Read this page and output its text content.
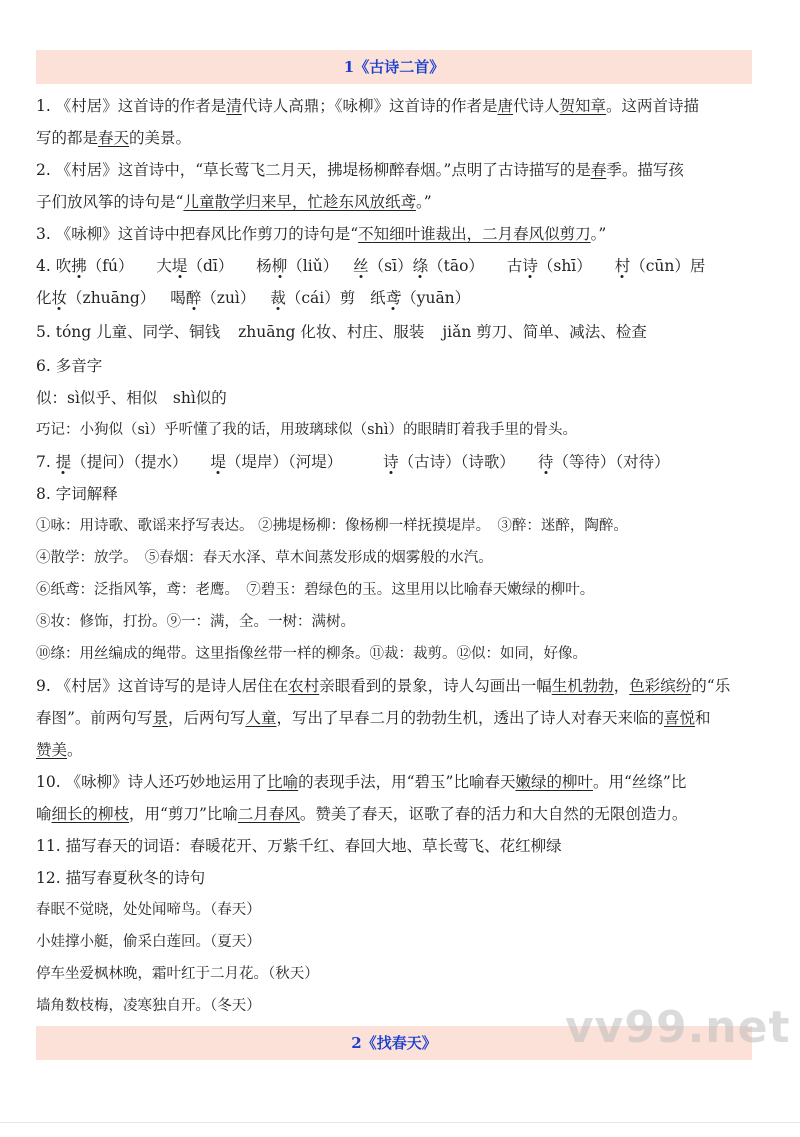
1《古诗二首》
1. 《村居》这首诗的作者是清代诗人高鼎；《咏柳》这首诗的作者是唐代诗人贺知章。这两首诗描
写的都是春天的美景。
2. 《村居》这首诗中，“草长莺飞二月天，拂堤杨柳醉春烟。”点明了古诗描写的是春季。描写孩
子们放风筝的诗句是“儿童散学归来早，忙趁东风放纸鸢。”
3. 《咏柳》这首诗中把春风比作剪刀的诗句是“不知细叶谁裁出，二月春风似剪刀。”
4. 吹拂（fú） 大堤（dī） 杨柳（liǔ） 丝（sī）绦（tāo） 古诗（shī） 村（cūn）居
化妆（zhuāng） 喝醉（zuì） 裁（cái）剪 纸鸢（yuān）
5. tóng 儿童、同学、铜钱 zhuāng 化妆、村庄、服装 jiǎn 剪刀、简单、减法、检查
6. 多音字
似：sì似乎、相似　shì似的
巧记：小狗似（sì）乎听懂了我的话，用玻璃球似（shì）的眼睛盯着我手里的骨头。
7. 提（提问）（提水） 堤（堤岸）（河堤）	诗（古诗）（诗歌） 待（等待）（对待）
8. 字词解释
①咏：用诗歌、歌谣来抒写表达。 ②拂堤杨柳：像杨柳一样抚摸堤岸。　③醉：迷醉，陶醉。
④散学：放学。　⑤春烟：春天水泽、草木间蒸发形成的烟雾般的水汽。
⑥纸鸢：泛指风筝，鸢：老鹰。　⑦碧玉：碧绿色的玉。这里用以比喻春天嫩绿的柳叶。
⑧妆：修饰，打扮。⑨一：满，全。一树：满树。
⑩绦：用丝编成的绳带。这里指像丝带一样的柳条。⑪裁：裁剪。⑫似：如同，好像。
9. 《村居》这首诗写的是诗人居住在农村亲眼看到的景象，诗人勾画出一幅生机勃勃，色彩缤纷的“乐
春图”。前两句写景，后两句写人童，写出了早春二月的勃勃生机，透出了诗人对春天来临的喜悦和
赞美。
10. 《咏柳》诗人还巧妙地运用了比喻的表现手法，用“碧玉”比喻春天嫩绿的柳叶。用“丝绦”比
喻细长的柳枝，用“剪刀”比喻二月春风。赞美了春天，讴歌了春的活力和大自然的无限创造力。
11. 描写春天的词语：春暖花开、万紫千红、春回大地、草长莺飞、花红柳绿
12. 描写春夏秋冬的诗句
春眠不觉晓，处处闻啼鸟。（春天）
小娃撑小艇，偷采白莲回。（夏天）
停车坐爱枫林晚，霜叶红于二月花。（秋天）
墙角数枝梅，凌寒独自开。（冬天）
2《找春天》	vv99.net
